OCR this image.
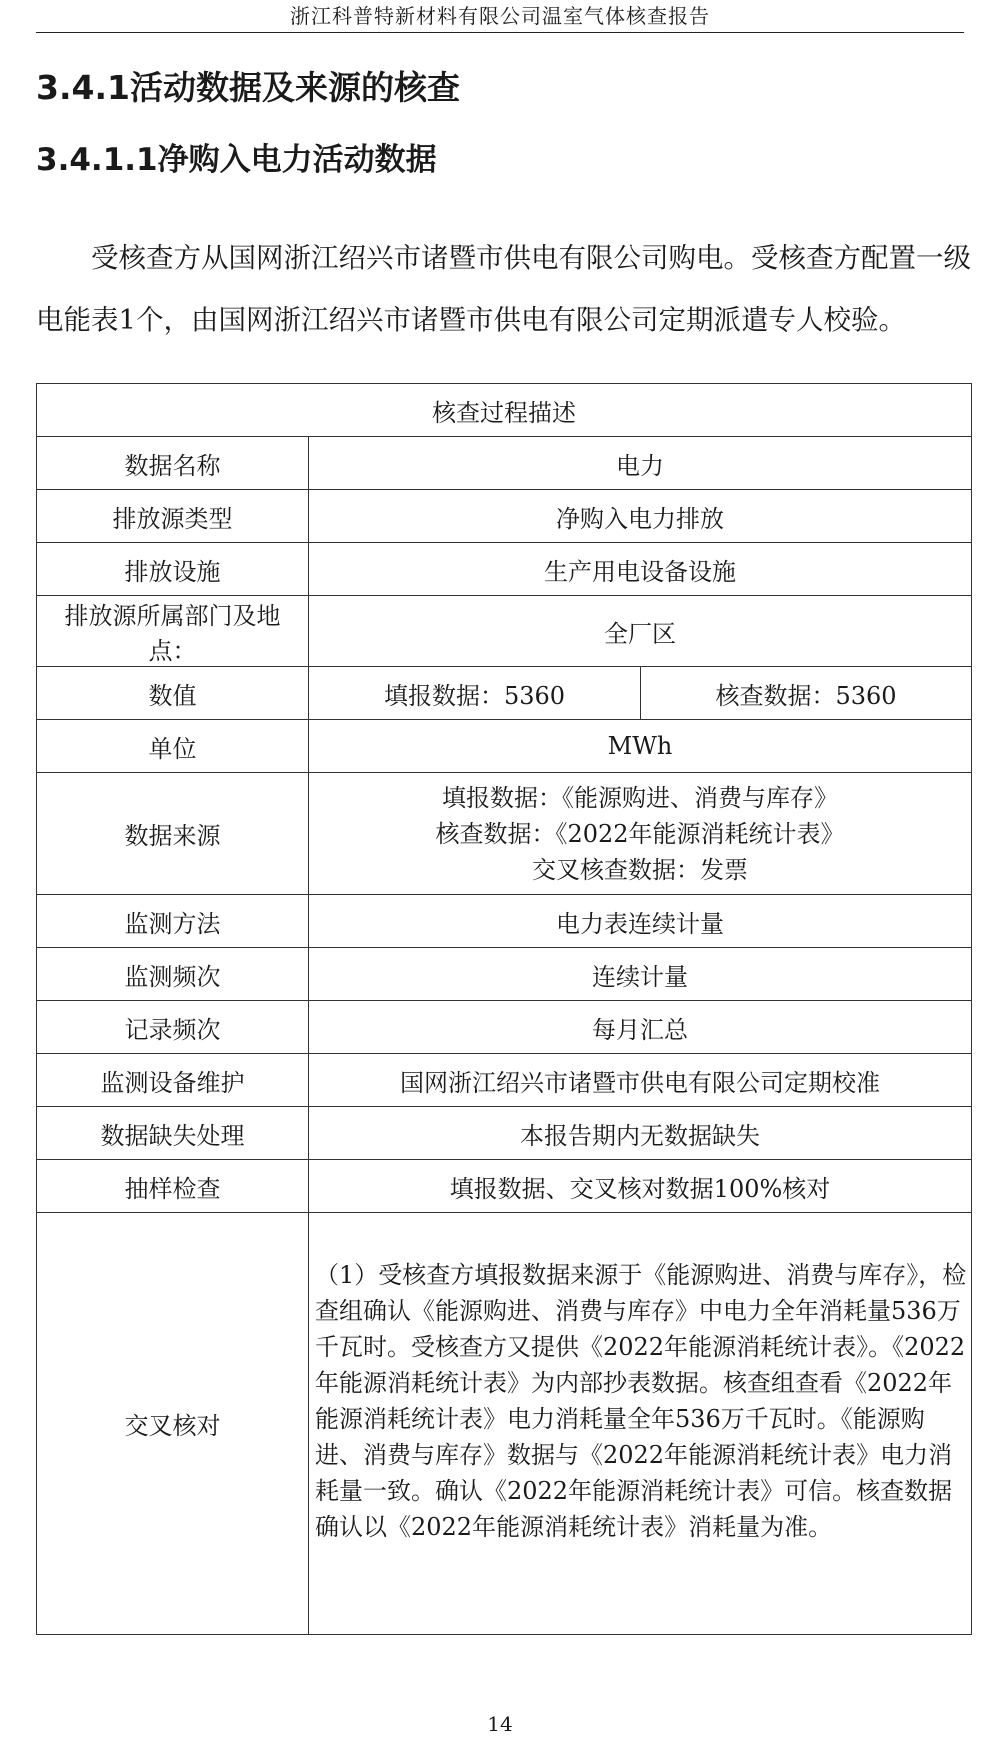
浙江科普特新材料有限公司温室气体核查报告
3.4.1活动数据及来源的核查
3.4.1.1净购入电力活动数据

受核查方从国网浙江绍兴市诸暨市供电有限公司购电。受核查方配置一级电能表1个，由国网浙江绍兴市诸暨市供电有限公司定期派遣专人校验。

核查过程描述		
数据名称	电力	
排放源类型	净购入电力排放	
排放设施	生产用电设备设施	
排放源所属部门及地点：	全厂区	
数值	填报数据：5360	核查数据：5360
单位	MWh	
数据来源	填报数据：《能源购进、消费与库存》
核查数据：《2022年能源消耗统计表》
交叉核查数据：发票	

监测方法	电力表连续计量	
监测频次	连续计量	
记录频次	每月汇总	
监测设备维护	国网浙江绍兴市诸暨市供电有限公司定期校准	
数据缺失处理	本报告期内无数据缺失	
抽样检查	填报数据、交叉核对数据100%核对	
交叉核对	（1）受核查方填报数据来源于《能源购进、消费与库存》，检查组确认《能源购进、消费与库存》中电力全年消耗量536万千瓦时。受核查方又提供《2022年能源消耗统计表》。《2022年能源消耗统计表》为内部抄表数据。核查组查看《2022年能源消耗统计表》电力消耗量全年536万千瓦时。《能源购进、消费与库存》数据与《2022年能源消耗统计表》电力消耗量一致。确认《2022年能源消耗统计表》可信。核查数据确认以《2022年能源消耗统计表》消耗量为准。	
14
